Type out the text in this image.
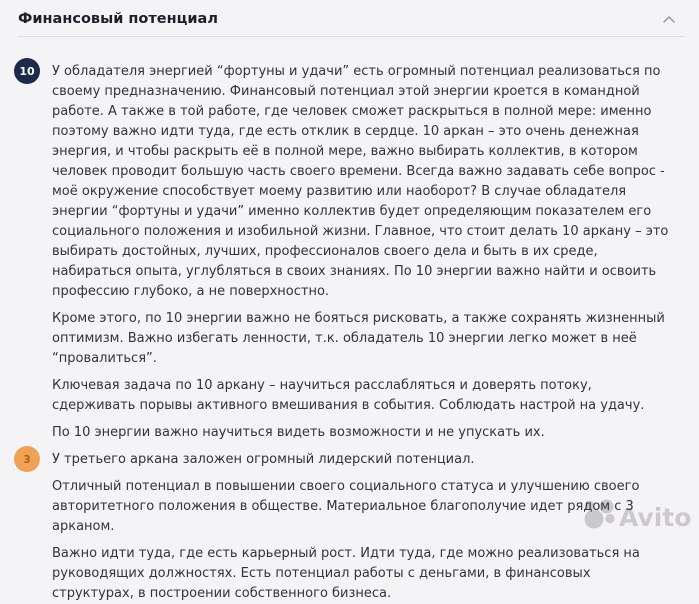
Финансовый потенциал
10 У обладателя энергией “фортуны и удачи” есть огромный потенциал реализоваться по своему предназначению. Финансовый потенциал этой энергии кроется в командной работе. А также в той работе, где человек сможет раскрыться в полной мере: именно поэтому важно идти туда, где есть отклик в сердце. 10 аркан – это очень денежная энергия, и чтобы раскрыть её в полной мере, важно выбирать коллектив, в котором человек проводит большую часть своего времени. Всегда важно задавать себе вопрос - моё окружение способствует моему развитию или наоборот? В случае обладателя энергии “фортуны и удачи” именно коллектив будет определяющим показателем его социального положения и изобильной жизни. Главное, что стоит делать 10 аркану – это выбирать достойных, лучших, профессионалов своего дела и быть в их среде, набираться опыта, углубляться в своих знаниях. По 10 энергии важно найти и освоить профессию глубоко, а не поверхностно.

Кроме этого, по 10 энергии важно не бояться рисковать, а также сохранять жизненный оптимизм. Важно избегать ленности, т.к. обладатель 10 энергии легко может в неё “провалиться”.

Ключевая задача по 10 аркану – научиться расслабляться и доверять потоку, сдерживать порывы активного вмешивания в события. Соблюдать настрой на удачу.

По 10 энергии важно научиться видеть возможности и не упускать их.

3 У третьего аркана заложен огромный лидерский потенциал.

Отличный потенциал в повышении своего социального статуса и улучшению своего авторитетного положения в обществе. Материальное благополучие идет рядом с 3 арканом.

Важно идти туда, где есть карьерный рост. Идти туда, где можно реализоваться на руководящих должностях. Есть потенциал работы с деньгами, в финансовых структурах, в построении собственного бизнеса.

Avito
